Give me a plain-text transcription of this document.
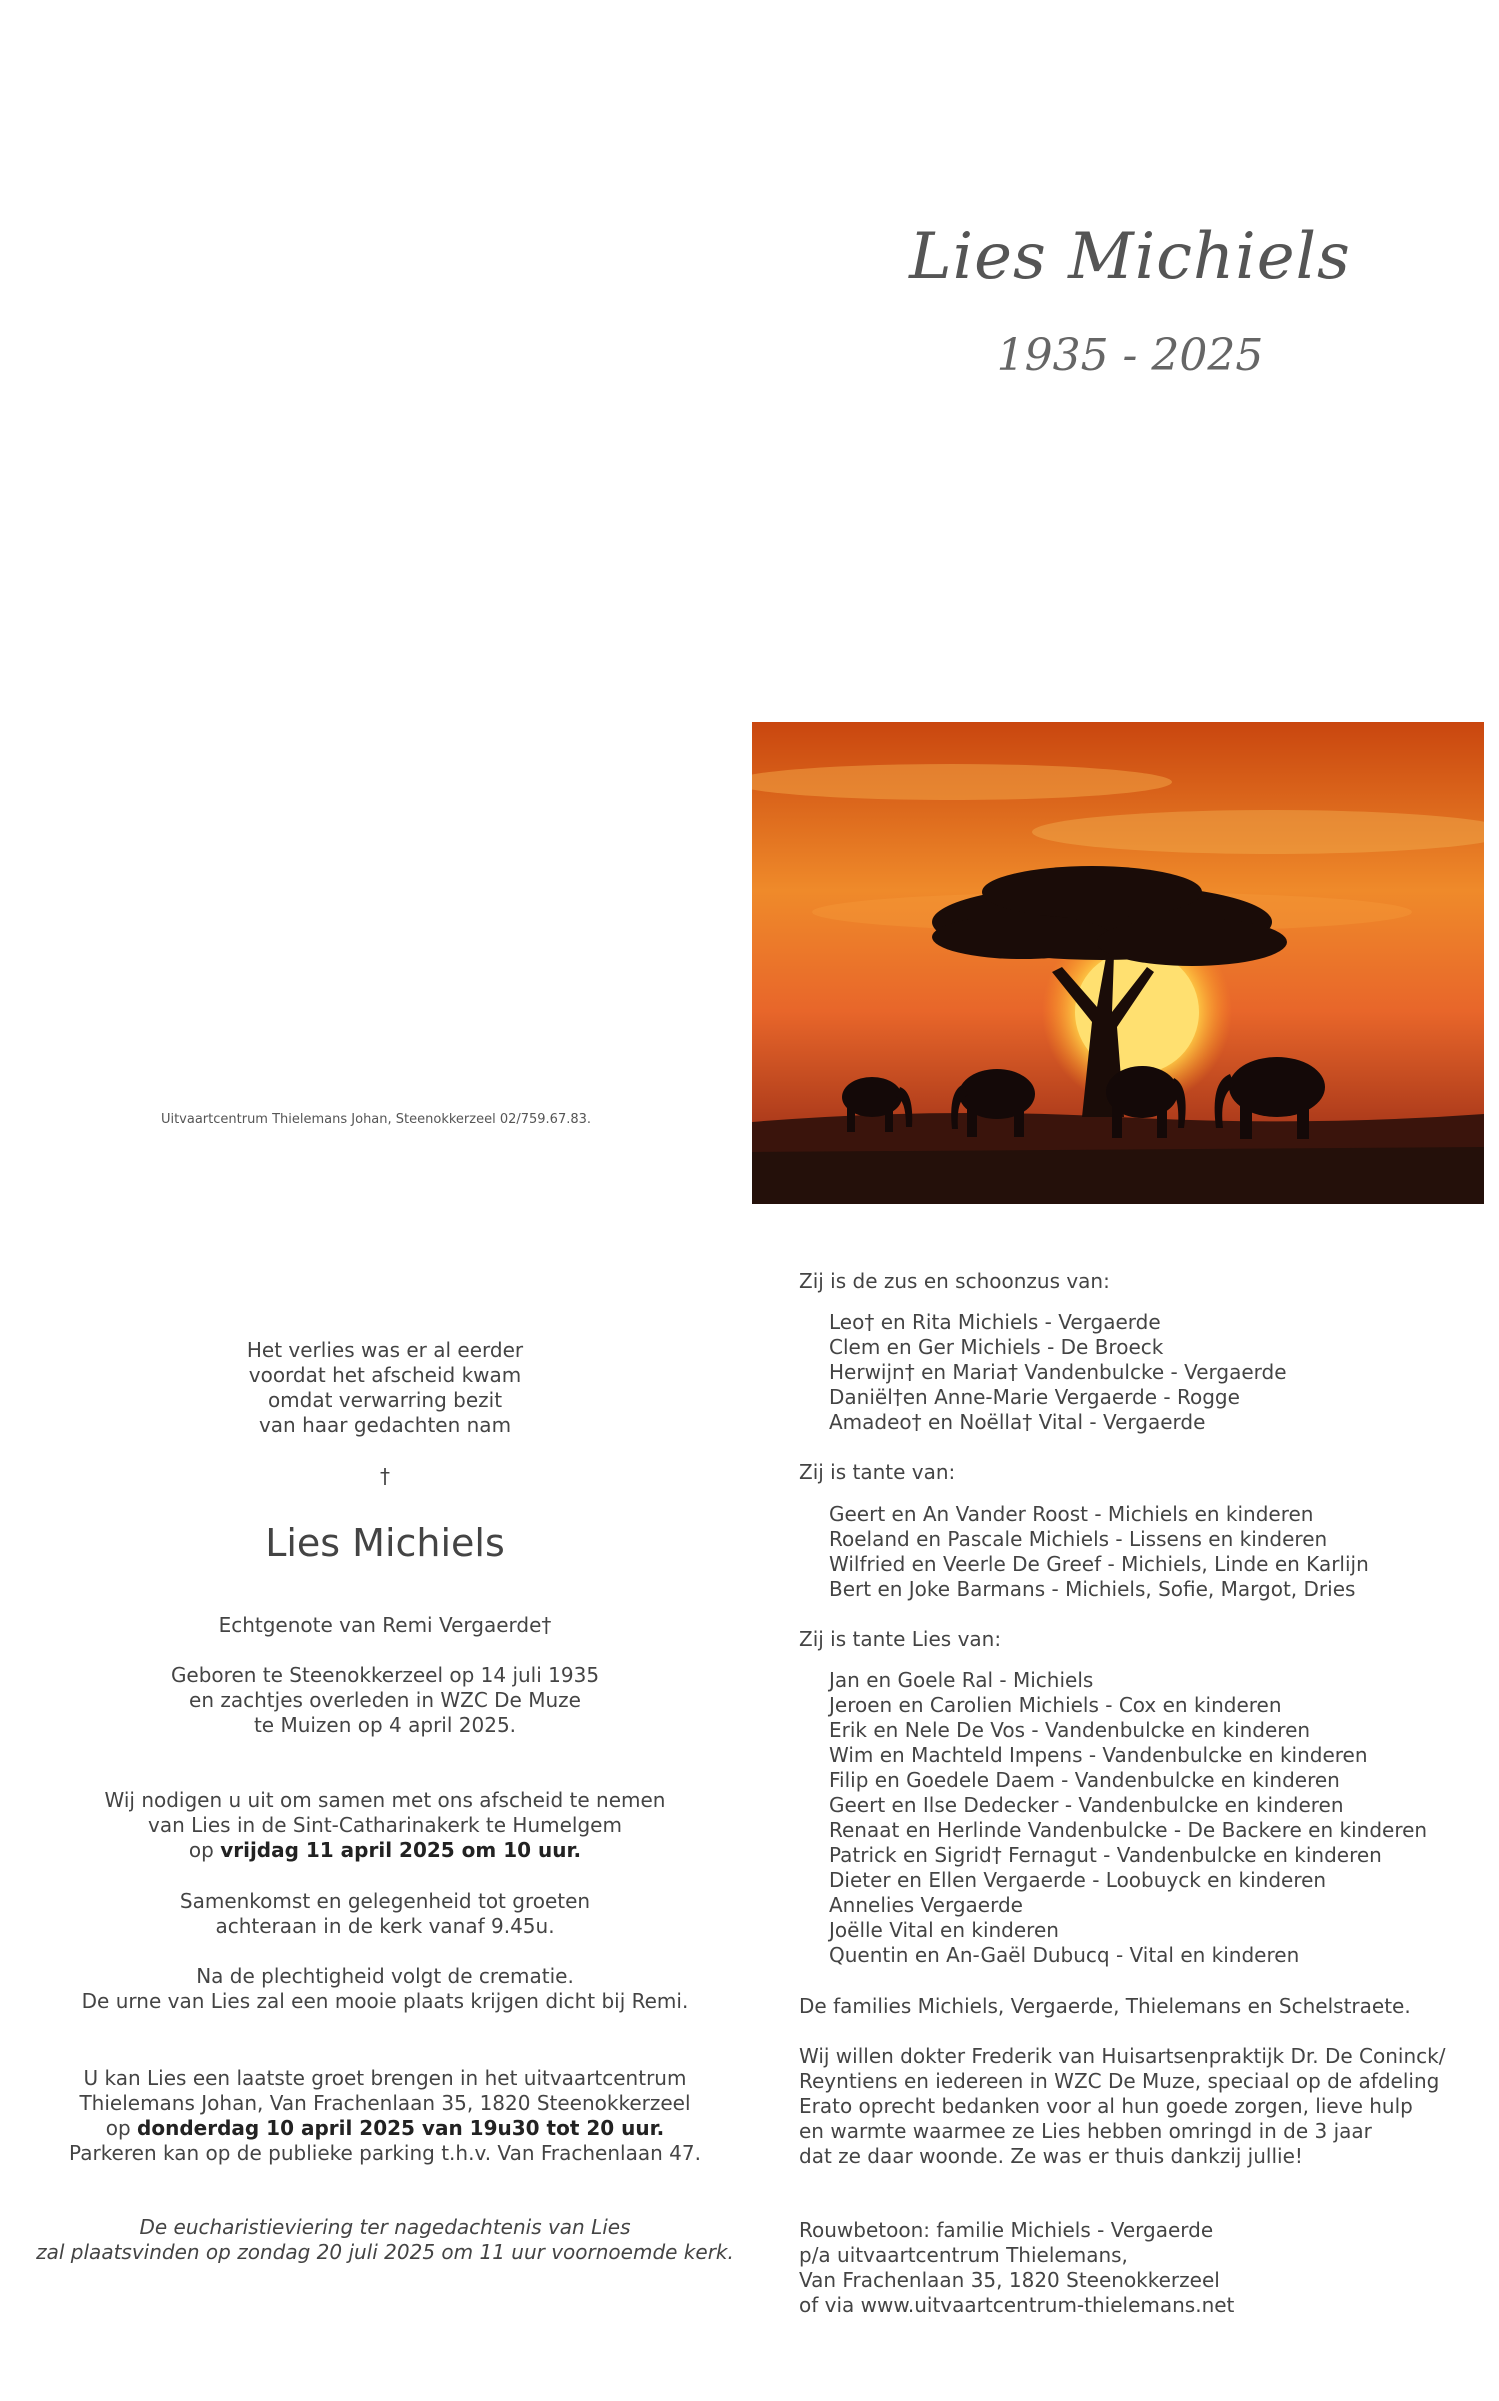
Lies Michiels
1935 - 2025
Uitvaartcentrum Thielemans Johan, Steenokkerzeel 02/759.67.83.

Het verlies was er al eerder

voordat het afscheid kwam

omdat verwarring bezit

van haar gedachten nam

†
Lies Michiels
Echtgenote van Remi Vergaerde†

Geboren te Steenokkerzeel op 14 juli 1935

en zachtjes overleden in WZC De Muze

te Muizen op 4 april 2025.

Wij nodigen u uit om samen met ons afscheid te nemen

van Lies in de Sint-Catharinakerk te Humelgem

op vrijdag 11 april 2025 om 10 uur.

Samenkomst en gelegenheid tot groeten

achteraan in de kerk vanaf 9.45u.

Na de plechtigheid volgt de crematie.

De urne van Lies zal een mooie plaats krijgen dicht bij Remi.

U kan Lies een laatste groet brengen in het uitvaartcentrum

Thielemans Johan, Van Frachenlaan 35, 1820 Steenokkerzeel

op donderdag 10 april 2025 van 19u30 tot 20 uur.

Parkeren kan op de publieke parking t.h.v. Van Frachenlaan 47.

De eucharistieviering ter nagedachtenis van Lies

zal plaatsvinden op zondag 20 juli 2025 om 11 uur voornoemde kerk.

Zij is de zus en schoonzus van:

Leo† en Rita Michiels - Vergaerde

Clem en Ger Michiels - De Broeck

Herwijn† en Maria† Vandenbulcke - Vergaerde

Daniël†en Anne-Marie Vergaerde - Rogge

Amadeo† en Noëlla† Vital - Vergaerde

Zij is tante van:

Geert en An Vander Roost - Michiels en kinderen

Roeland en Pascale Michiels - Lissens en kinderen

Wilfried en Veerle De Greef - Michiels, Linde en Karlijn

Bert en Joke Barmans - Michiels, Sofie, Margot, Dries

Zij is tante Lies van:

Jan en Goele Ral - Michiels

Jeroen en Carolien Michiels - Cox en kinderen

Erik en Nele De Vos - Vandenbulcke en kinderen

Wim en Machteld Impens - Vandenbulcke en kinderen

Filip en Goedele Daem - Vandenbulcke en kinderen

Geert en Ilse Dedecker - Vandenbulcke en kinderen

Renaat en Herlinde Vandenbulcke - De Backere en kinderen

Patrick en Sigrid† Fernagut - Vandenbulcke en kinderen

Dieter en Ellen Vergaerde - Loobuyck en kinderen

Annelies Vergaerde

Joëlle Vital en kinderen

Quentin en An-Gaël Dubucq - Vital en kinderen

De families Michiels, Vergaerde, Thielemans en Schelstraete.

Wij willen dokter Frederik van Huisartsenpraktijk Dr. De Coninck/

Reyntiens en iedereen in WZC De Muze, speciaal op de afdeling

Erato oprecht bedanken voor al hun goede zorgen, lieve hulp

en warmte waarmee ze Lies hebben omringd in de 3 jaar

dat ze daar woonde. Ze was er thuis dankzij jullie!

Rouwbetoon: familie Michiels - Vergaerde

p/a uitvaartcentrum Thielemans,

Van Frachenlaan 35, 1820 Steenokkerzeel

of via www.uitvaartcentrum-thielemans.net
